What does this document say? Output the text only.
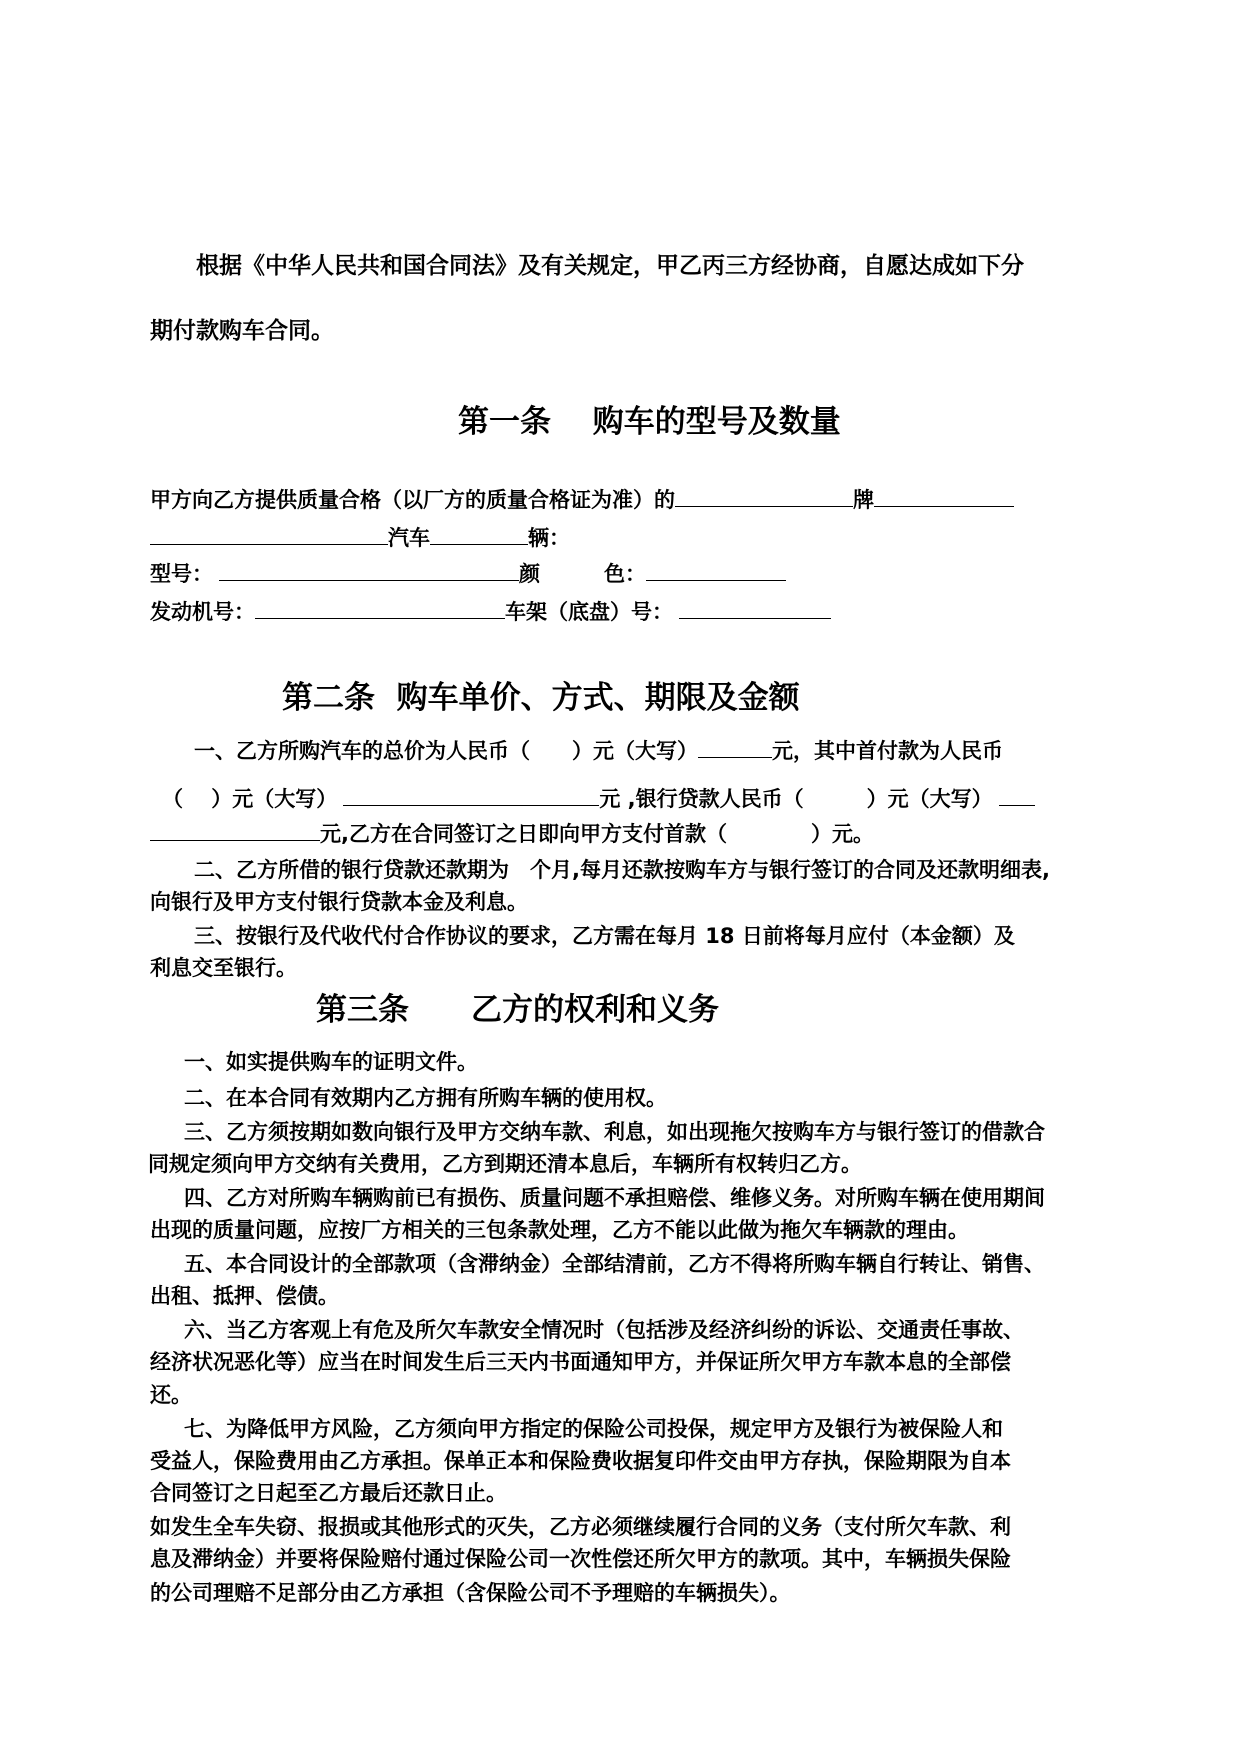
根据《中华人民共和国合同法》及有关规定，甲乙丙三方经协商，自愿达成如下分
期付款购车合同。
第一条　 购车的型号及数量
甲方向乙方提供质量合格（以厂方的质量合格证为准）的	牌
汽车	辆：
型号：	颜	色：
发动机号：	车架（底盘）号：
第二条  购车单价、方式、期限及金额
一、乙方所购汽车的总价为人民币（　　）元（大写）	元，其中首付款为人民币
（　 ）元（大写）	元 ,银行贷款人民币（　　　）元（大写）
元,乙方在合同签订之日即向甲方支付首款（　　　　）元。
二、乙方所借的银行贷款还款期为　个月,每月还款按购车方与银行签订的合同及还款明细表,
向银行及甲方支付银行贷款本金及利息。
三、按银行及代收代付合作协议的要求，乙方需在每月 18 日前将每月应付（本金额）及
利息交至银行。
第三条　　乙方的权利和义务
一、如实提供购车的证明文件。
二、在本合同有效期内乙方拥有所购车辆的使用权。
三、乙方须按期如数向银行及甲方交纳车款、利息，如出现拖欠按购车方与银行签订的借款合
同规定须向甲方交纳有关费用，乙方到期还清本息后，车辆所有权转归乙方。
四、乙方对所购车辆购前已有损伤、质量问题不承担赔偿、维修义务。对所购车辆在使用期间
出现的质量问题，应按厂方相关的三包条款处理，乙方不能以此做为拖欠车辆款的理由。
五、本合同设计的全部款项（含滞纳金）全部结清前，乙方不得将所购车辆自行转让、销售、
出租、抵押、偿债。
六、当乙方客观上有危及所欠车款安全情况时（包括涉及经济纠纷的诉讼、交通责任事故、
经济状况恶化等）应当在时间发生后三天内书面通知甲方，并保证所欠甲方车款本息的全部偿
还。
七、为降低甲方风险，乙方须向甲方指定的保险公司投保，规定甲方及银行为被保险人和
受益人，保险费用由乙方承担。保单正本和保险费收据复印件交由甲方存执，保险期限为自本
合同签订之日起至乙方最后还款日止。
如发生全车失窃、报损或其他形式的灭失，乙方必须继续履行合同的义务（支付所欠车款、利
息及滞纳金）并要将保险赔付通过保险公司一次性偿还所欠甲方的款项。其中，车辆损失保险
的公司理赔不足部分由乙方承担（含保险公司不予理赔的车辆损失）。
